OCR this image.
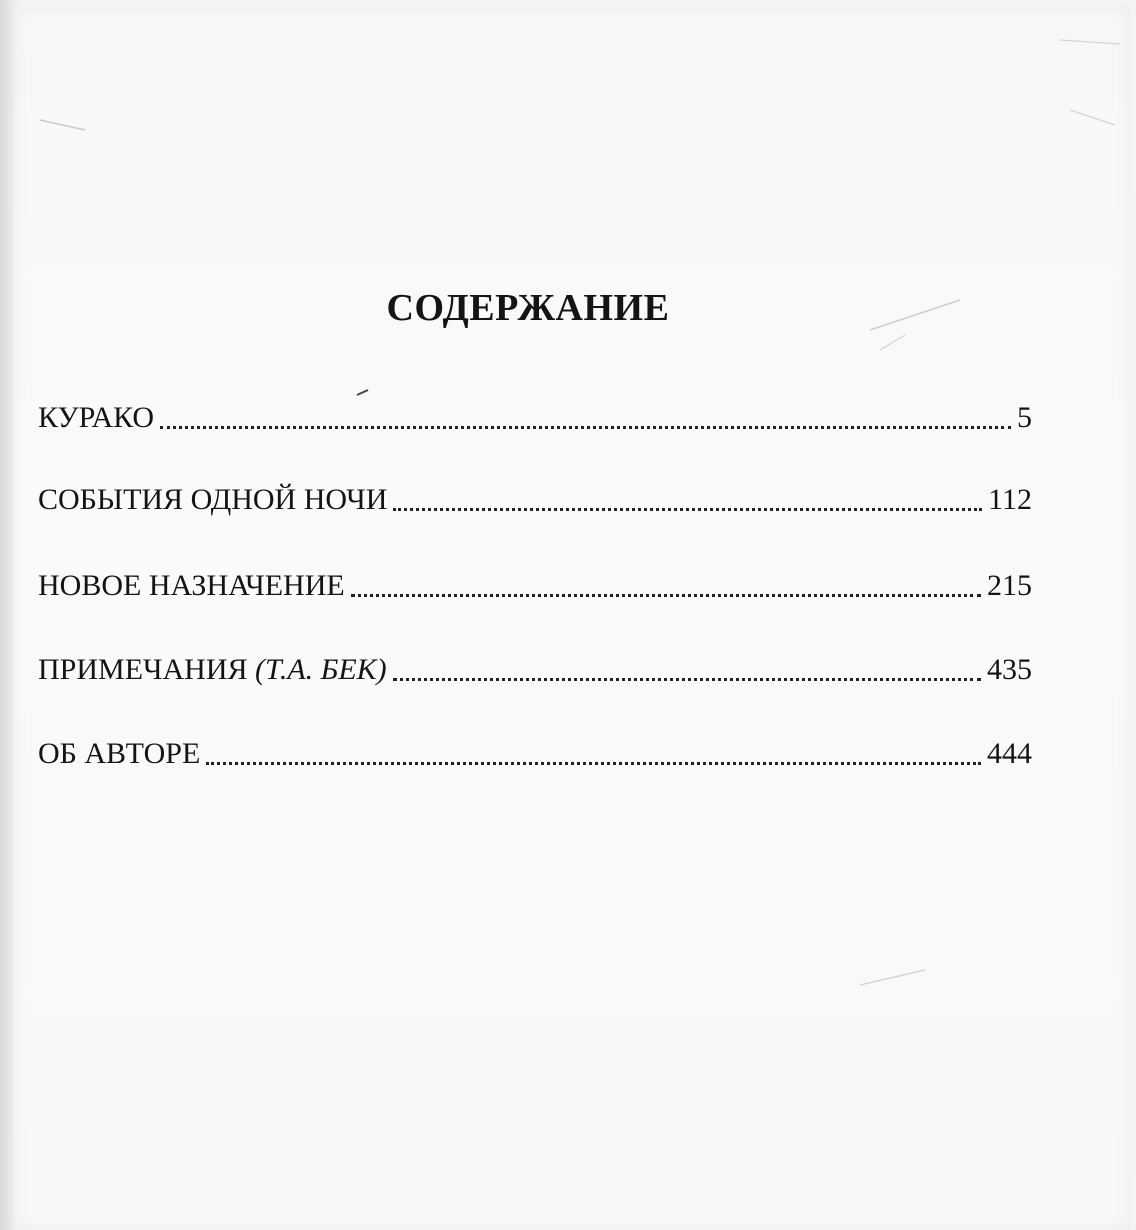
СОДЕРЖАНИЕ
КУРАКО	5
СОБЫТИЯ ОДНОЙ НОЧИ	112
НОВОЕ НАЗНАЧЕНИЕ	215
ПРИМЕЧАНИЯ (Т.А. БЕК)	435
ОБ АВТОРЕ	444
